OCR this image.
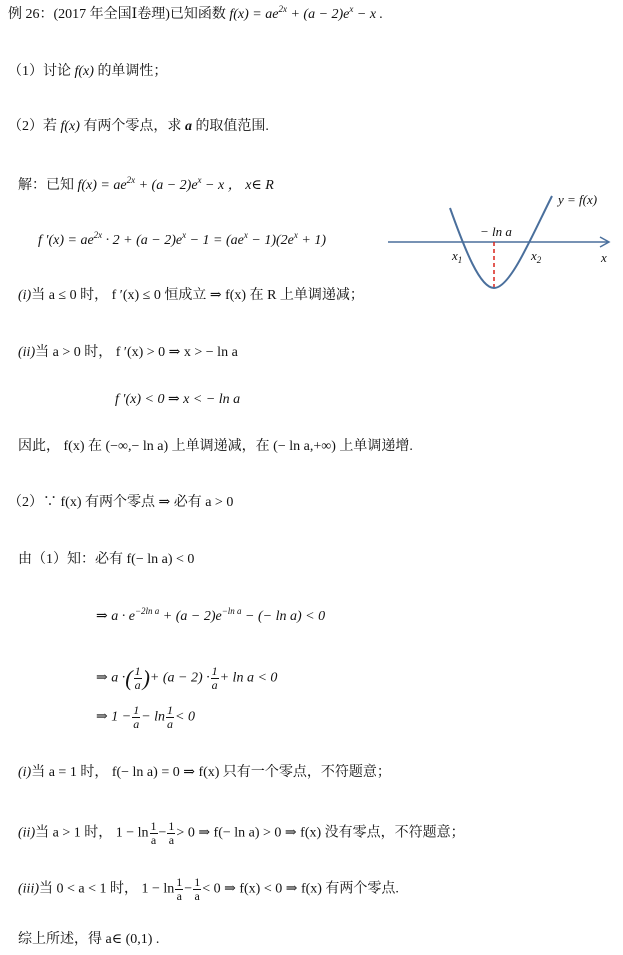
例 26：(2017 年全国Ⅰ卷理)已知函数 $f(x) = ae^{2x} + (a - 2)e^x - x$ .
（1）讨论 f(x) 的单调性；
（2）若 f(x) 有两个零点，求 a 的取值范围.
解：已知 $f(x) = ae^{2x} + (a - 2)e^x - x$ ， x∈ R
f $'(x) = ae^{2x} \cdot 2 + (a - 2)e^x - 1 = (ae^x - 1)(2e^x + 1)$
(i)当 a ≤ 0 时， f ′(x) ≤ 0 恒成立 ⇒ f(x) 在 R 上单调递减；
(ii)当 a > 0 时， f ′(x) > 0 ⇒ x > − ln a
f ′(x) < 0 ⇒ x < − ln a
因此， f(x) 在 (−∞,− ln a) 上单调递减，在 (− ln a,+∞) 上单调递增.
（2）∵ f(x) 有两个零点 ⇒ 必有 a > 0
由（1）知：必有 f(− ln a) < 0
⇒ $a \cdot e^{-2ln a} + (a - 2)e^{-ln a}$ − (− ln a) < 0
⇒ a ·( $\frac{1}{a}$ )+ $(a - 2) \cdot \frac{1}{a} + \ln a < 0$
⇒ $1 - \frac{1}{a} - \ln \frac{1}{a} < 0$
(i)当 a = 1 时， f(− ln a) = 0 ⇒ f(x) 只有一个零点，不符题意；
(ii)当 a > 1 时， $1 - \ln \frac{1}{a} - \frac{1}{a} > 0$ ⇒ f(− ln a) > 0 ⇒ f(x) 没有零点，不符题意；
(iii)当 0 < a < 1 时， $1 - \ln \frac{1}{a} - \frac{1}{a} < 0$ ⇒ f(x) < 0 ⇒ f(x) 有两个零点.
综上所述，得 a∈ (0,1) .
y = f(x)
− ln a
$x_1$	$x_2$	x
